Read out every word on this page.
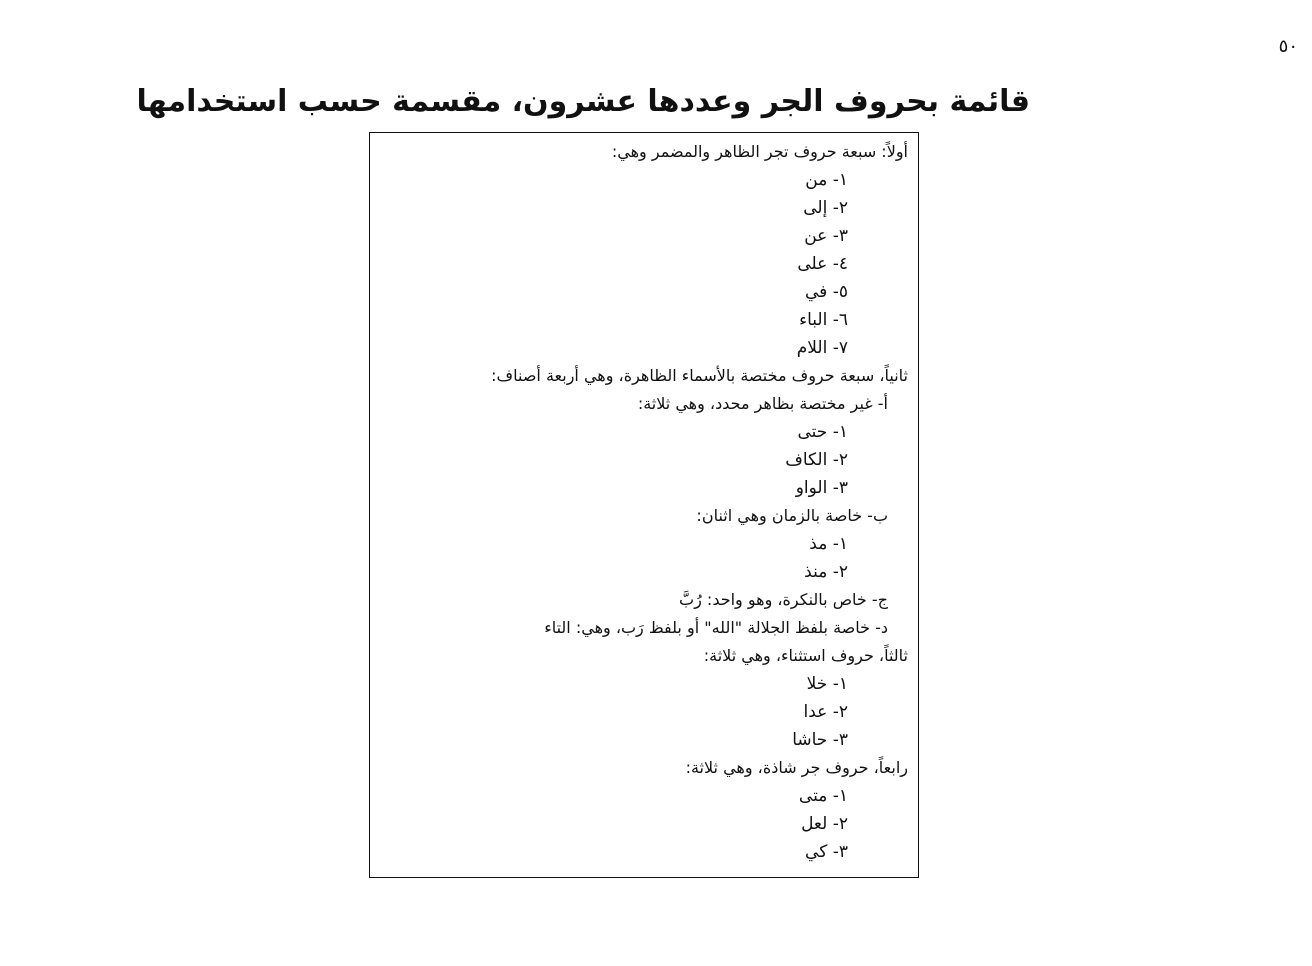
٥٠
قائمة بحروف الجر وعددها عشرون، مقسمة حسب استخدامها
أولاً: سبعة حروف تجر الظاهر والمضمر وهي:
١- من
٢- إلى
٣- عن
٤- على
٥- في
٦- الباء
٧- اللام
ثانياً، سبعة حروف مختصة بالأسماء الظاهرة، وهي أربعة أصناف:
أ- غير مختصة بظاهر محدد، وهي ثلاثة:
١- حتى
٢- الكاف
٣- الواو
ب- خاصة بالزمان وهي اثنان:
١- مذ
٢- منذ
ج- خاص بالنكرة، وهو واحد: رُبَّ
د- خاصة بلفظ الجلالة "الله" أو بلفظ رَب، وهي: التاء
ثالثاً، حروف استثناء، وهي ثلاثة:
١- خلا
٢- عدا
٣- حاشا
رابعاً، حروف جر شاذة، وهي ثلاثة:
١- متى
٢- لعل
٣- كي
